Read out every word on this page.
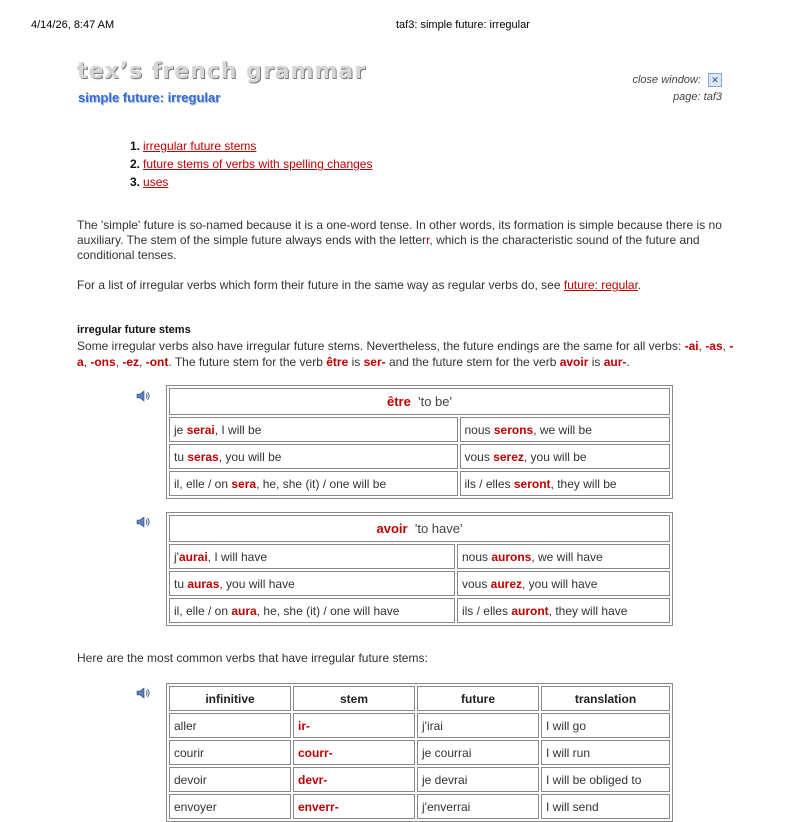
4/14/26, 8:47 AM	taf3: simple future: irregular
tex’s french grammar
simple future: irregular
close window: ✕
page: taf3
1. irregular future stems
2. future stems of verbs with spelling changes
3. uses
The 'simple' future is so-named because it is a one-word tense. In other words, its formation is simple because there is no auxiliary. The stem of the simple future always ends with the letterr, which is the characteristic sound of the future and conditional tenses.
For a list of irregular verbs which form their future in the same way as regular verbs do, see future: regular.
irregular future stems
Some irregular verbs also have irregular future stems. Nevertheless, the future endings are the same for all verbs: -ai, -as, -a, -ons, -ez, -ont. The future stem for the verb être is ser- and the future stem for the verb avoir is aur-.
être 'to be'	
je serai, I will be	nous serons, we will be
tu seras, you will be	vous serez, you will be
il, elle / on sera, he, she (it) / one will be	ils / elles seront, they will be
avoir 'to have'	
j'aurai, I will have	nous aurons, we will have
tu auras, you will have	vous aurez, you will have
il, elle / on aura, he, she (it) / one will have	ils / elles auront, they will have
Here are the most common verbs that have irregular future stems:
infinitive	stem	future	translation
aller	ir-	j'irai	I will go
courir	courr-	je courrai	I will run
devoir	devr-	je devrai	I will be obliged to
envoyer	enverr-	j'enverrai	I will send
